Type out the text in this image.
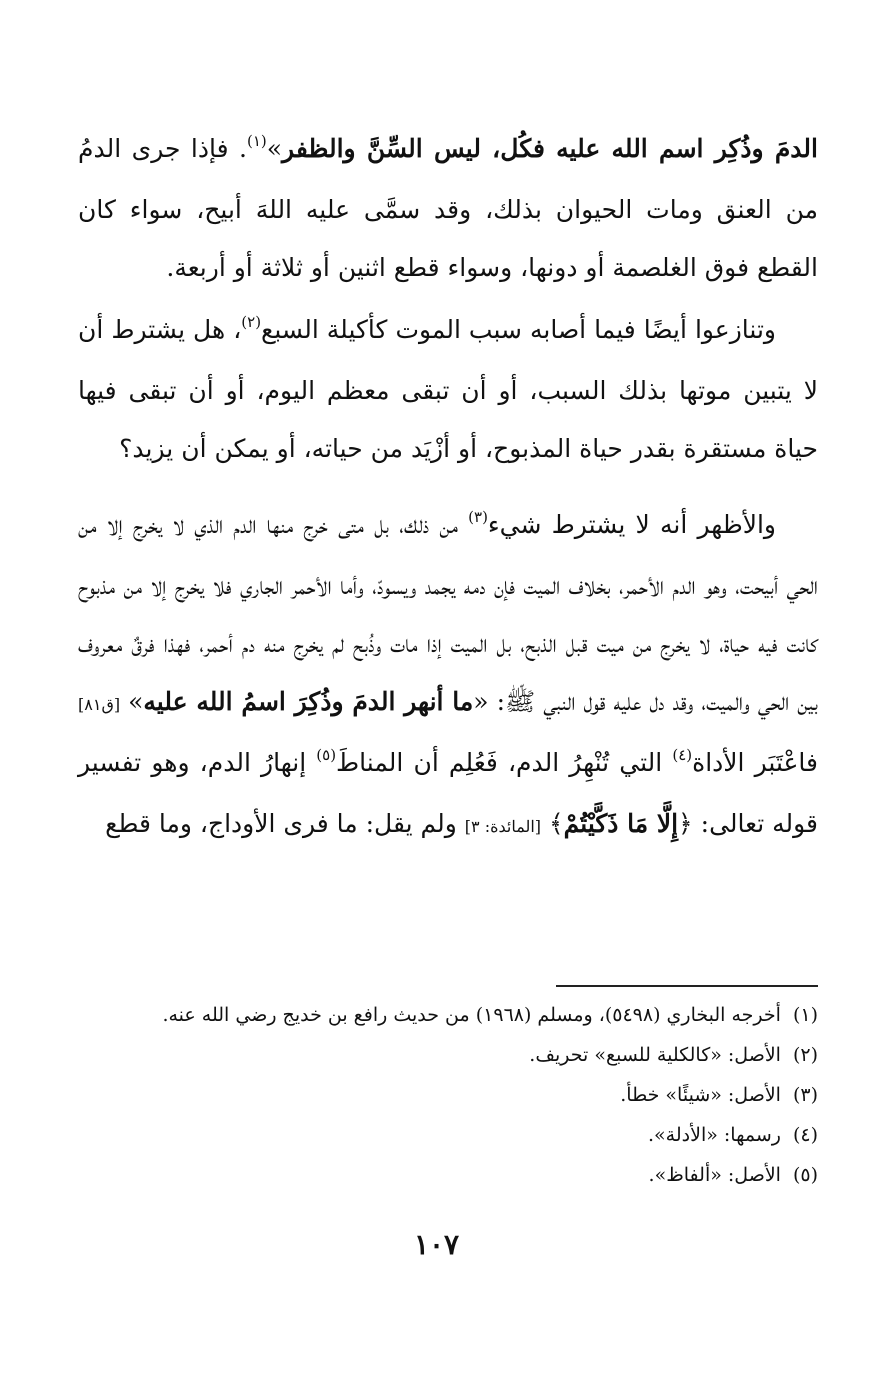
الدمَ وذُكِر اسم الله عليه فكُل، ليس السِّنَّ والظفر»$^{(١)}$. فإذا جرى الدمُ من العنق ومات الحيوان بذلك، وقد سمَّى عليه اللهَ أبيح، سواء كان القطع فوق الغلصمة أو دونها، وسواء قطع اثنين أو ثلاثة أو أربعة.

وتنازعوا أيضًا فيما أصابه سبب الموت كأكيلة السبع$^{(٢)}$، هل يشترط أن لا يتبين موتها بذلك السبب، أو أن تبقى معظم اليوم، أو أن تبقى فيها حياة مستقرة بقدر حياة المذبوح، أو أزْيَد من حياته، أو يمكن أن يزيد؟

والأظهر أنه لا يشترط شيء$^{(٣)}$ من ذلك، بل متى خرج منها الدم الذي لا يخرج إلا من الحي أبيحت، وهو الدم الأحمر، بخلاف الميت فإن دمه يجمد ويسودّ، وأما الأحمر الجاري فلا يخرج إلا من مذبوح كانت فيه حياة، لا يخرج من ميت قبل الذبح، بل الميت إذا مات وذُبح لم يخرج منه دم أحمر، فهذا فرقٌ معروف بين الحي والميت، وقد دل عليه قول النبي ﷺ: «ما أنهر الدمَ وذُكِرَ اسمُ الله عليه» [ق٨١] فاعْتَبَر الأداة$^{(٤)}$ التي تُنْهِرُ الدم، فَعُلِم أن المناطَ$^{(٥)}$ إنهارُ الدم، وهو تفسير قوله تعالى: ﴿إِلَّا مَا ذَكَّيْتُمْ﴾ [المائدة: ٣] ولم يقل: ما فرى الأوداج، وما قطع

(١)أخرجه البخاري (٥٤٩٨)، ومسلم (١٩٦٨) من حديث رافع بن خديج رضي الله عنه.

(٢)الأصل: «كالكلية للسبع» تحريف.

(٣)الأصل: «شيئًا» خطأ.

(٤)رسمها: «الأدلة».

(٥)الأصل: «ألفاظ».

١٠٧
